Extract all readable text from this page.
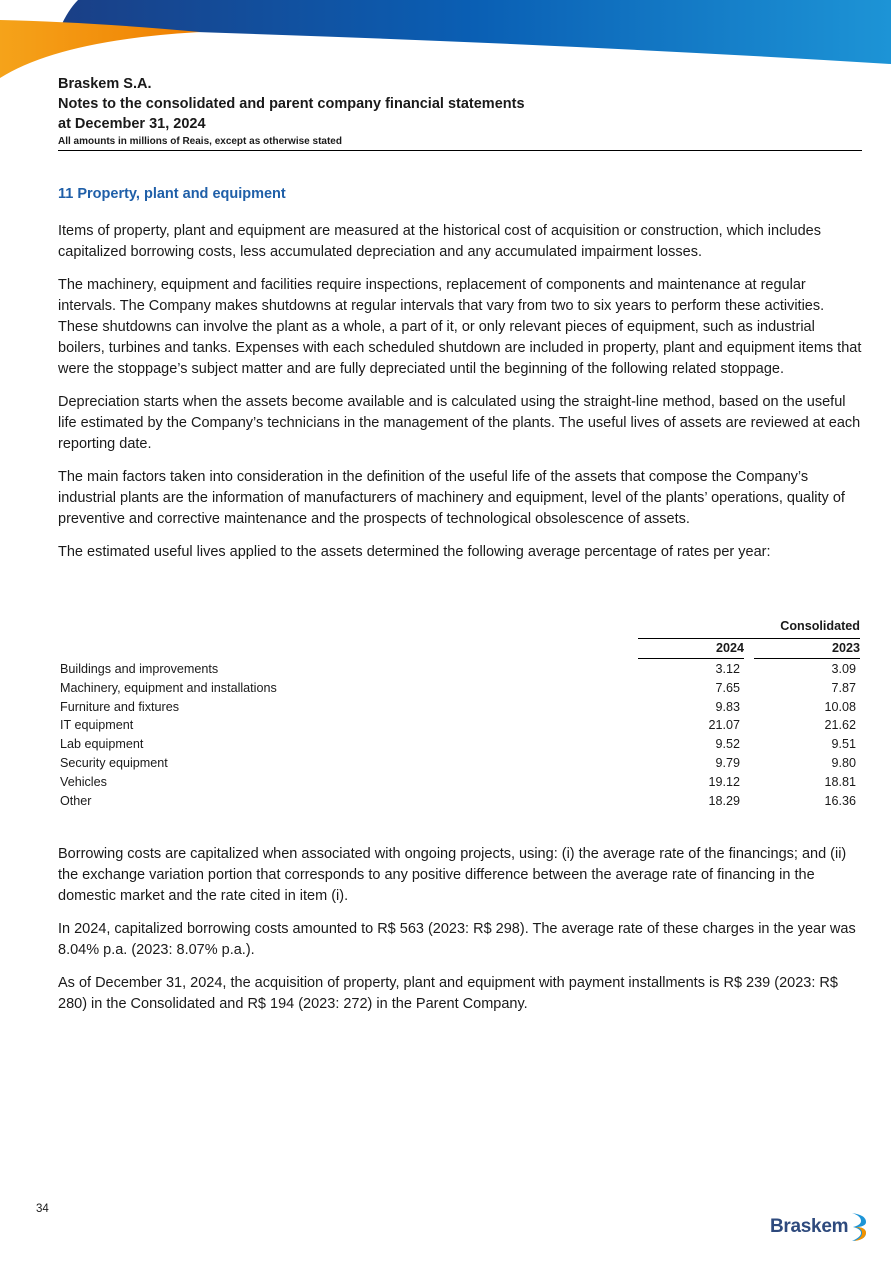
Braskem S.A.
Notes to the consolidated and parent company financial statements
at December 31, 2024
All amounts in millions of Reais, except as otherwise stated
11 Property, plant and equipment

Items of property, plant and equipment are measured at the historical cost of acquisition or construction, which includes capitalized borrowing costs, less accumulated depreciation and any accumulated impairment losses.

The machinery, equipment and facilities require inspections, replacement of components and maintenance at regular intervals. The Company makes shutdowns at regular intervals that vary from two to six years to perform these activities. These shutdowns can involve the plant as a whole, a part of it, or only relevant pieces of equipment, such as industrial boilers, turbines and tanks. Expenses with each scheduled shutdown are included in property, plant and equipment items that were the stoppage’s subject matter and are fully depreciated until the beginning of the following related stoppage.

Depreciation starts when the assets become available and is calculated using the straight-line method, based on the useful life estimated by the Company’s technicians in the management of the plants. The useful lives of assets are reviewed at each reporting date.

The main factors taken into consideration in the definition of the useful life of the assets that compose the Company’s industrial plants are the information of manufacturers of machinery and equipment, level of the plants’ operations, quality of preventive and corrective maintenance and the prospects of technological obsolescence of assets.

The estimated useful lives applied to the assets determined the following average percentage of rates per year:

Consolidated
2024	2023
Buildings and improvements	3.12	3.09
Machinery, equipment and installations	7.65	7.87
Furniture and fixtures	9.83	10.08
IT equipment	21.07	21.62
Lab equipment	9.52	9.51
Security equipment	9.79	9.80
Vehicles	19.12	18.81
Other	18.29	16.36

Borrowing costs are capitalized when associated with ongoing projects, using: (i) the average rate of the financings; and (ii) the exchange variation portion that corresponds to any positive difference between the average rate of financing in the domestic market and the rate cited in item (i).

In 2024, capitalized borrowing costs amounted to R$ 563 (2023: R$ 298). The average rate of these charges in the year was 8.04% p.a. (2023: 8.07% p.a.).

As of December 31, 2024, the acquisition of property, plant and equipment with payment installments is R$ 239 (2023: R$ 280) in the Consolidated and R$ 194 (2023: 272) in the Parent Company.

34
Braskem
